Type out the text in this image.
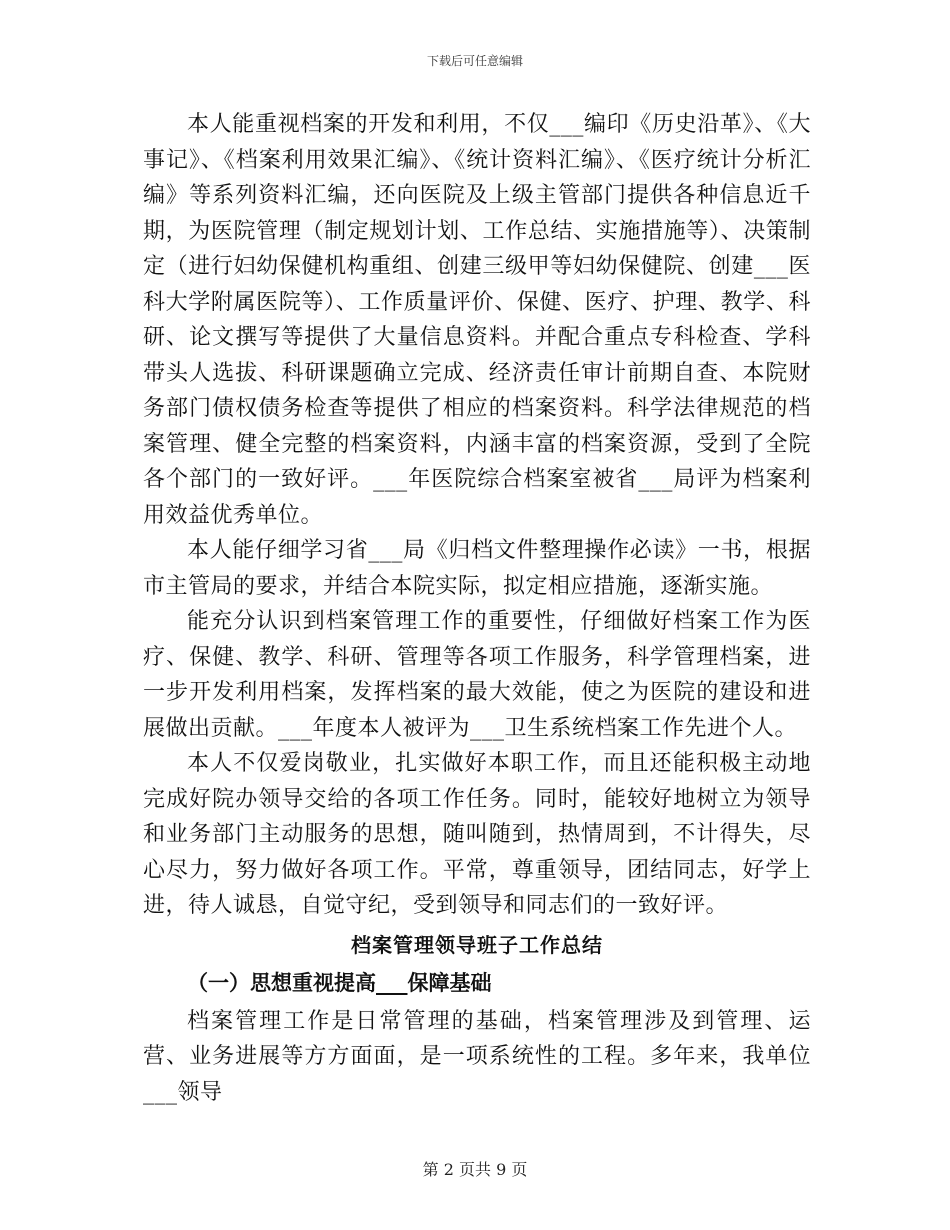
下载后可任意编辑

本人能重视档案的开发和利用，不仅___编印《历史沿革》、《大事记》、《档案利用效果汇编》、《统计资料汇编》、《医疗统计分析汇编》等系列资料汇编，还向医院及上级主管部门提供各种信息近千期，为医院管理（制定规划计划、工作总结、实施措施等）、决策制定（进行妇幼保健机构重组、创建三级甲等妇幼保健院、创建___医科大学附属医院等）、工作质量评价、保健、医疗、护理、教学、科研、论文撰写等提供了大量信息资料。并配合重点专科检查、学科带头人选拔、科研课题确立完成、经济责任审计前期自查、本院财务部门债权债务检查等提供了相应的档案资料。科学法律规范的档案管理、健全完整的档案资料，内涵丰富的档案资源，受到了全院各个部门的一致好评。___年医院综合档案室被省___局评为档案利用效益优秀单位。

本人能仔细学习省___局《归档文件整理操作必读》一书，根据市主管局的要求，并结合本院实际，拟定相应措施，逐渐实施。

能充分认识到档案管理工作的重要性，仔细做好档案工作为医疗、保健、教学、科研、管理等各项工作服务，科学管理档案，进一步开发利用档案，发挥档案的最大效能，使之为医院的建设和进展做出贡献。___年度本人被评为___卫生系统档案工作先进个人。

本人不仅爱岗敬业，扎实做好本职工作，而且还能积极主动地完成好院办领导交给的各项工作任务。同时，能较好地树立为领导和业务部门主动服务的思想，随叫随到，热情周到，不计得失，尽心尽力，努力做好各项工作。平常，尊重领导，团结同志，好学上进，待人诚恳，自觉守纪，受到领导和同志们的一致好评。

档案管理领导班子工作总结
（一）思想重视提高___保障基础

档案管理工作是日常管理的基础，档案管理涉及到管理、运营、业务进展等方方面面，是一项系统性的工程。多年来，我单位___领导

第 2 页共 9 页
